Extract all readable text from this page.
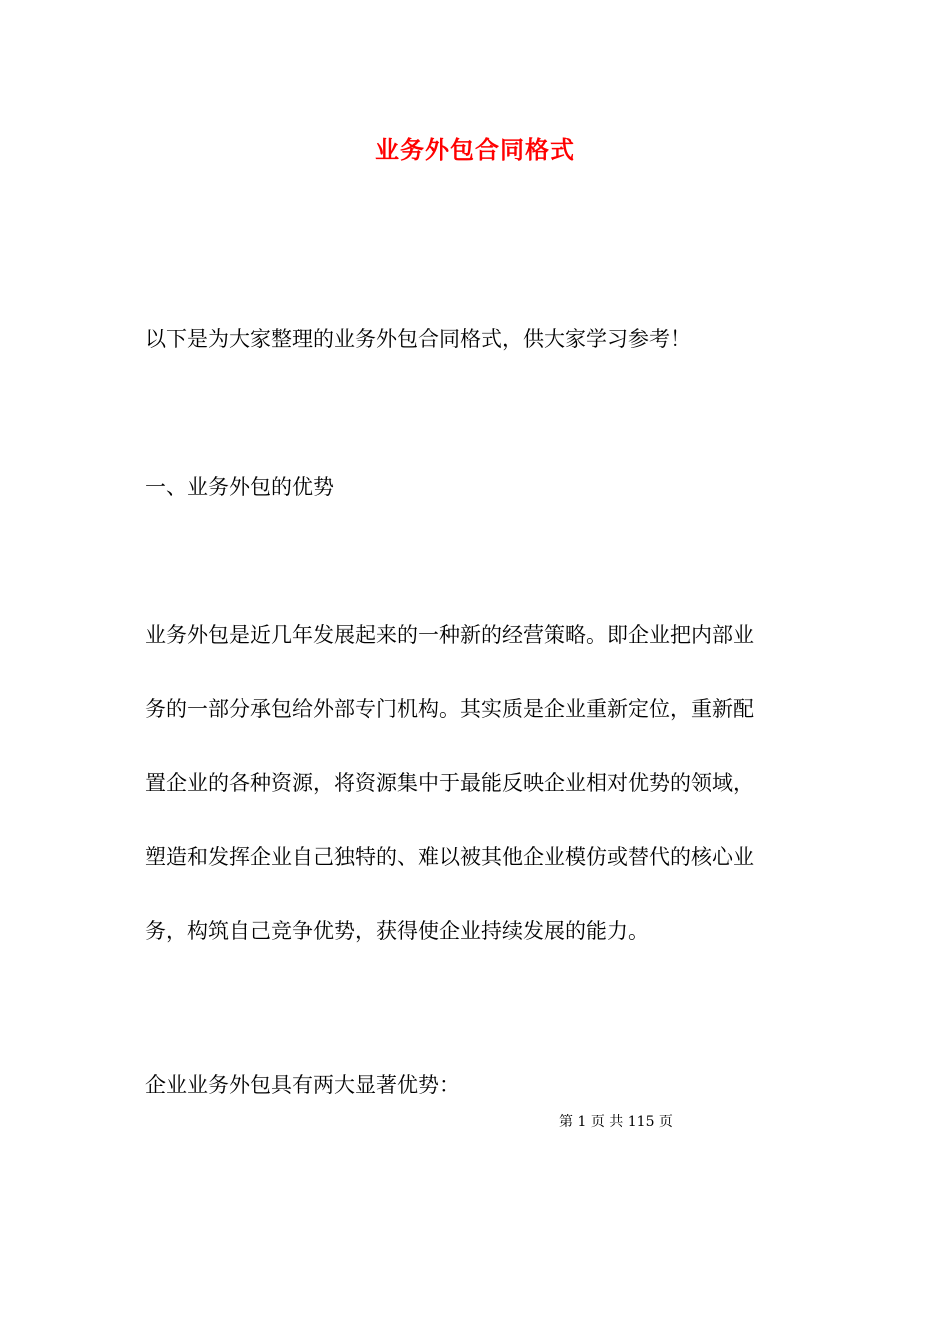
业务外包合同格式

以下是为大家整理的业务外包合同格式，供大家学习参考！

一、业务外包的优势

业务外包是近几年发展起来的一种新的经营策略。即企业把内部业
务的一部分承包给外部专门机构。其实质是企业重新定位，重新配
置企业的各种资源，将资源集中于最能反映企业相对优势的领域，
塑造和发挥企业自己独特的、难以被其他企业模仿或替代的核心业
务，构筑自己竞争优势，获得使企业持续发展的能力。

企业业务外包具有两大显著优势：

第 1 页 共 115 页
